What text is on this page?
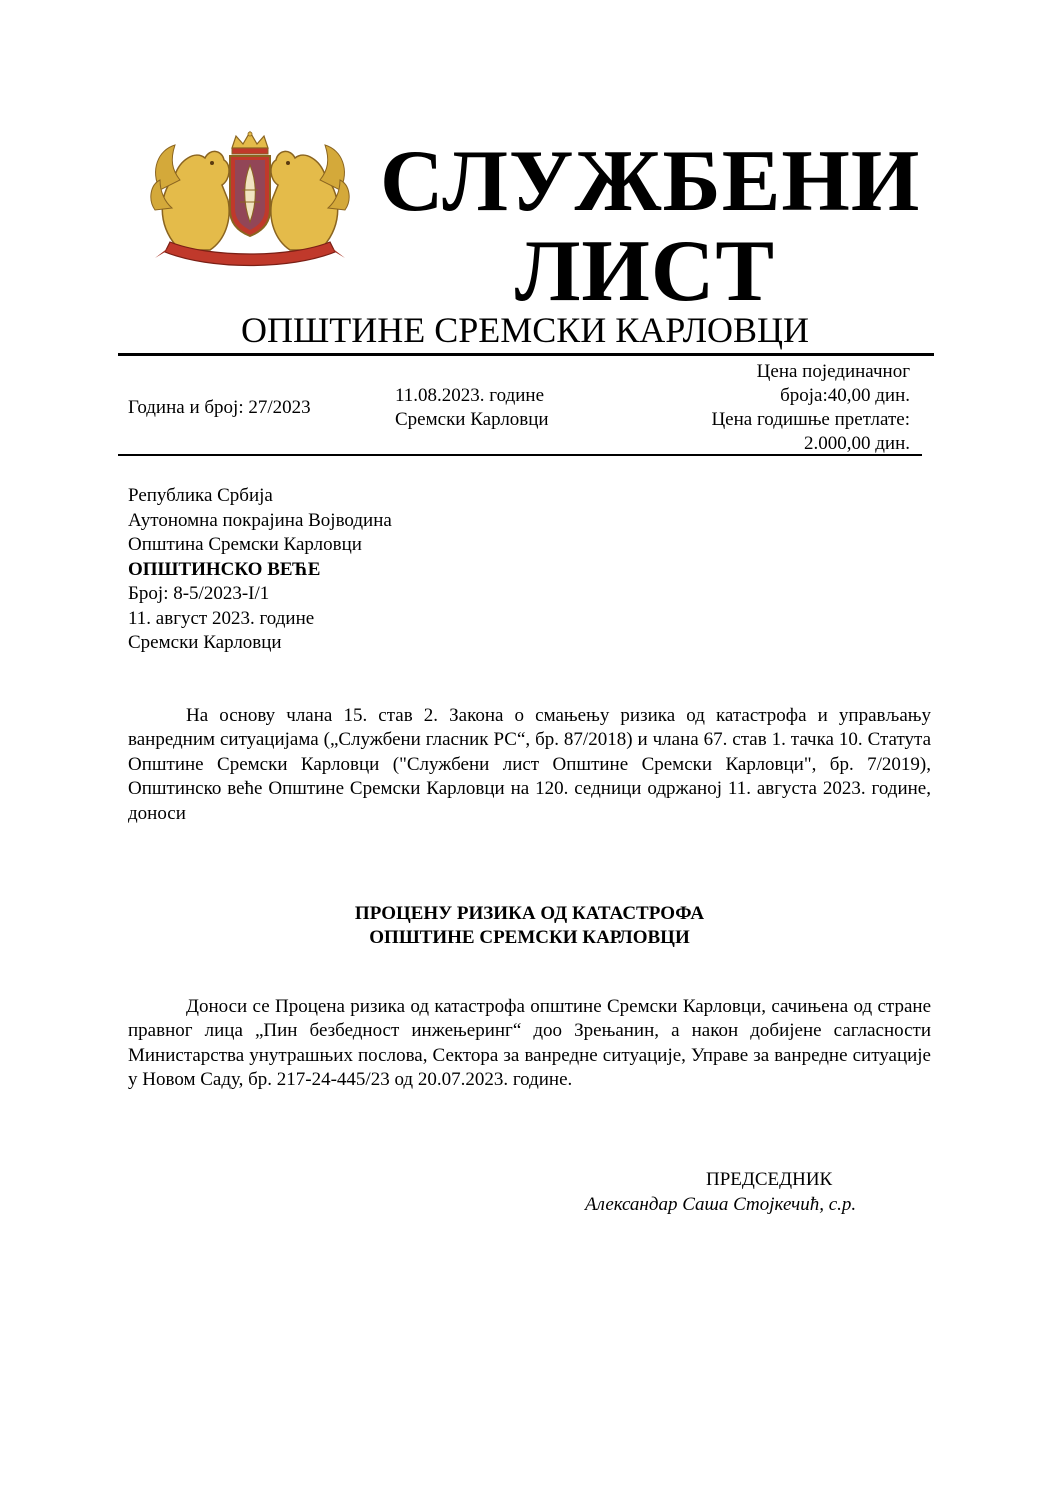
СЛУЖБЕНИ
ЛИСТ
ОПШТИНЕ СРЕМСКИ КАРЛОВЦИ
Година и број: 27/2023
11.08.2023. године
Сремски Карловци
Цена појединачног
броја:40,00 дин.
Цена годишње претлате:
2.000,00 дин.
Република Србија
Аутономна покрајина Војводина
Општина Сремски Карловци
ОПШТИНСКО ВЕЋЕ
Број: 8-5/2023-I/1
11. август 2023. године
Сремски Карловци
На основу члана 15. став 2. Закона о смањењу ризика од катастрофа и управљању ванредним ситуацијама („Службени гласник РС“, бр. 87/2018) и члана 67. став 1. тачка 10. Статута Општине Сремски Карловци ("Службени лист Општине Сремски Карловци", бр. 7/2019), Општинско веће Општине Сремски Карловци на 120. седници одржаној 11. августа 2023. године, доноси
ПРОЦЕНУ РИЗИКА ОД КАТАСТРОФА
ОПШТИНЕ СРЕМСКИ КАРЛОВЦИ
Доноси се Процена ризика од катастрофа општине Сремски Карловци, сачињена од стране правног лица „Пин безбедност инжењеринг“ доо Зрењанин, а након добијене сагласности Министарства унутрашњих послова, Сектора за ванредне ситуације, Управе за ванредне ситуације у Новом Саду, бр. 217-24-445/23 од 20.07.2023. године.
ПРЕДСЕДНИК
Александар Саша Стојкечић, с.р.
